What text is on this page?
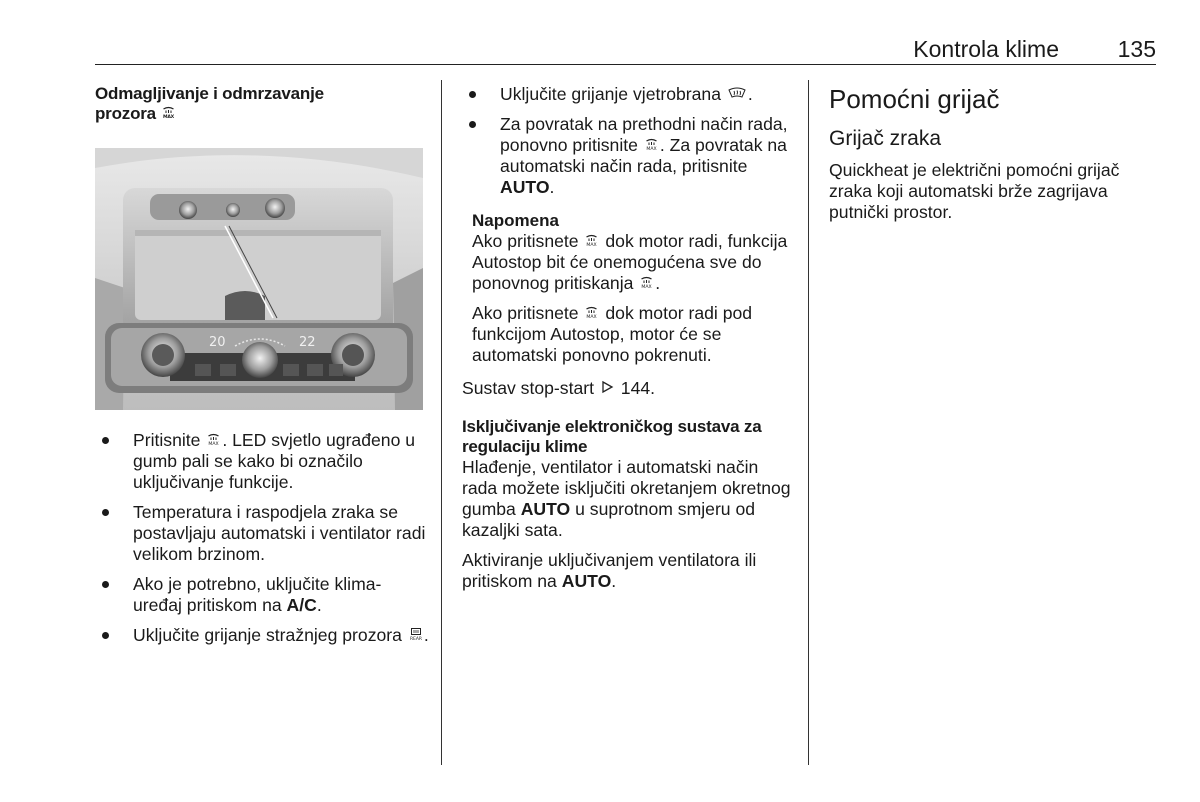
Kontrola klime	135
Odmagljivanje i odmrzavanje
prozora MAX
20	22
Pritisnite MAX . LED svjetlo ugrađeno u gumb pali se kako bi označilo uključivanje funkcije.
Temperatura i raspodjela zraka se postavljaju automatski i ventilator radi velikom brzinom.
Ako je potrebno, uključite klima-uređaj pritiskom na A/C.
Uključite grijanje stražnjeg prozora REAR .
Uključite grijanje vjetrobrana .
Za povratak na prethodni način rada, ponovno pritisnite MAX . Za povratak na automatski način rada, pritisnite AUTO.
Napomena

Ako pritisnete MAX dok motor radi, funkcija Autostop bit će onemogućena sve do ponovnog pritiskanja MAX .

Ako pritisnete MAX dok motor radi pod funkcijom Autostop, motor će se automatski ponovno pokrenuti.

Sustav stop-start 144.

Isključivanje elektroničkog sustava za regulaciju klime

Hlađenje, ventilator i automatski način rada možete isključiti okretanjem okretnog gumba AUTO u suprotnom smjeru od kazaljki sata.

Aktiviranje uključivanjem ventilatora ili pritiskom na AUTO.

Pomoćni grijač
Grijač zraka

Quickheat je električni pomoćni grijač zraka koji automatski brže zagrijava putnički prostor.
